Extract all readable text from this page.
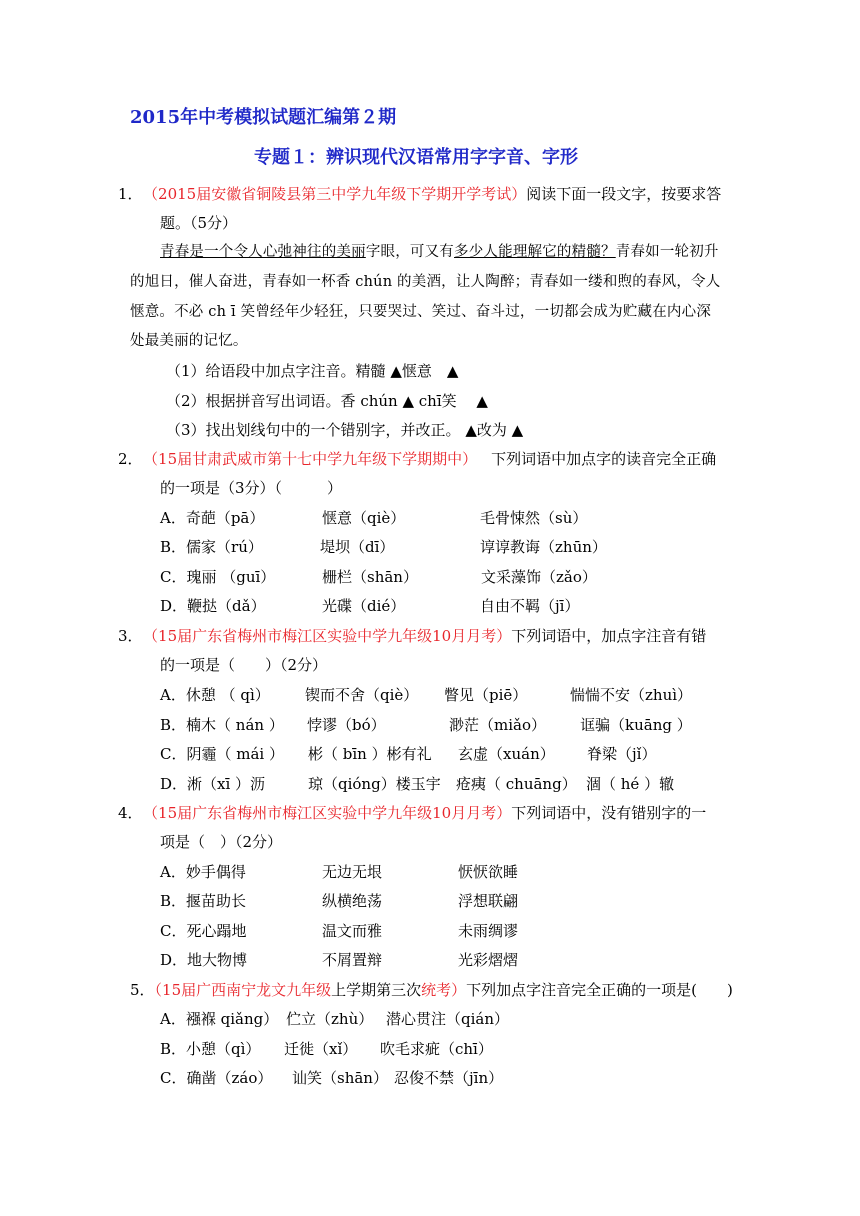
2015年中考模拟试题汇编第２期
专题１：辨识现代汉语常用字字音、字形
1． （2015届安徽省铜陵县第三中学九年级下学期开学考试）阅读下面一段文字，按要求答
题。（5分）
青春是一个令人心弛神往的美丽字眼，可又有多少人能理解它的精髓？青春如一轮初升
的旭日，催人奋进，青春如一杯香 chún 的美酒，让人陶醉；青春如一缕和煦的春风，令人
惬意。不必 ch ī 笑曾经年少轻狂，只要哭过、笑过、奋斗过，一切都会成为贮藏在内心深
处最美丽的记忆。
（1）给语段中加点字注音。精髓 ▲惬意　▲
（2）根据拼音写出词语。香 chún ▲ chī笑　 ▲
（3）找出划线句中的一个错别字，并改正。 ▲改为 ▲
2． （15届甘肃武威市第十七中学九年级下学期期中） 下列词语中加点字的读音完全正确
的一项是（3分）（　　　）
A．奇葩（pā）	惬意（qiè）	毛骨悚然（sù）
B．儒家（rú）	堤坝（dī）	谆谆教诲（zhūn）
C．瑰丽 （guī）	栅栏（shān）	文采藻饰（zǎo）
D．鞭挞（dǎ）	光碟（dié）	自由不羁（jī）
3． （15届广东省梅州市梅江区实验中学九年级10月月考）下列词语中，加点字注音有错
的一项是（　　）（2分）
A．休憩 （ qì） 锲而不舍（qiè） 瞥见（piē）	惴惴不安（zhuì）
B．楠木（ nán ） 悖谬（bó）	渺茫（miǎo） 诓骗（kuāng ）
C．阴霾（ mái ） 彬（ bīn ）彬有礼 玄虚（xuán） 脊梁（jǐ）
D．淅（xī ）沥	琼（qióng）楼玉宇 疮痍（ chuāng） 涸（ hé ）辙
4． （15届广东省梅州市梅江区实验中学九年级10月月考）下列词语中，没有错别字的一
项是（　）（2分）
A．妙手偶得	无边无垠	恹恹欲睡
B．揠苗助长	纵横绝荡	浮想联翩
C．死心蹋地	温文而雅	未雨绸谬
D．地大物博	不屑置辩	光彩熠熠
5．（15届广西南宁龙文九年级上学期第三次统考）下列加点字注音完全正确的一项是(　　)
A．襁褓 qiǎng） 伫立（zhù） 潜心贯注（qián）
B．小憩（qì） 迁徙（xǐ） 吹毛求疵（chī）
C．确凿（záo） 讪笑（shān） 忍俊不禁（jīn）
